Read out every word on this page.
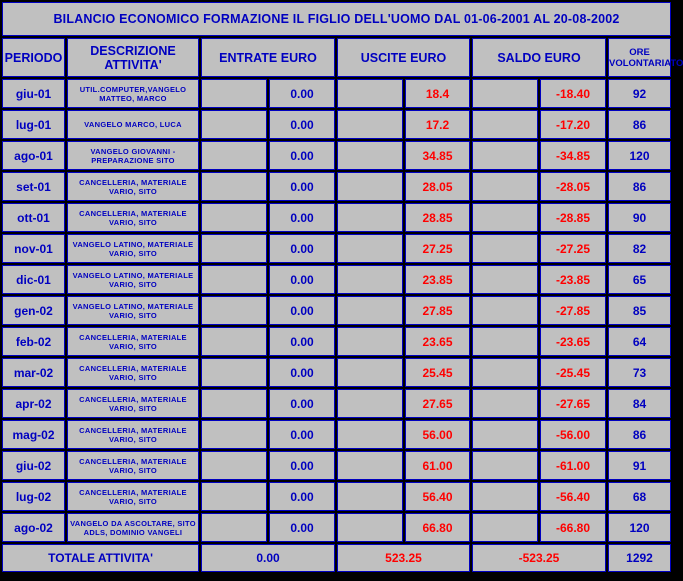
BILANCIO ECONOMICO FORMAZIONE IL FIGLIO DELL'UOMO DAL 01-06-2001 AL 20-08-2002								
PERIODO	DESCRIZIONE ATTIVITA'	ENTRATE EURO		USCITE EURO		SALDO EURO		ORE VOLONTARIATO
giu-01	UTIL.COMPUTER,VANGELO MATTEO, MARCO		0.00		18.4		-18.40	92
lug-01	VANGELO MARCO, LUCA		0.00		17.2		-17.20	86
ago-01	VANGELO GIOVANNI - PREPARAZIONE SITO		0.00		34.85		-34.85	120
set-01	CANCELLERIA, MATERIALE VARIO, SITO		0.00		28.05		-28.05	86
ott-01	CANCELLERIA, MATERIALE VARIO, SITO		0.00		28.85		-28.85	90
nov-01	VANGELO LATINO, MATERIALE VARIO, SITO		0.00		27.25		-27.25	82
dic-01	VANGELO LATINO, MATERIALE VARIO, SITO		0.00		23.85		-23.85	65
gen-02	VANGELO LATINO, MATERIALE VARIO, SITO		0.00		27.85		-27.85	85
feb-02	CANCELLERIA, MATERIALE VARIO, SITO		0.00		23.65		-23.65	64
mar-02	CANCELLERIA, MATERIALE VARIO, SITO		0.00		25.45		-25.45	73
apr-02	CANCELLERIA, MATERIALE VARIO, SITO		0.00		27.65		-27.65	84
mag-02	CANCELLERIA, MATERIALE VARIO, SITO		0.00		56.00		-56.00	86
giu-02	CANCELLERIA, MATERIALE VARIO, SITO		0.00		61.00		-61.00	91
lug-02	CANCELLERIA, MATERIALE VARIO, SITO		0.00		56.40		-56.40	68
ago-02	VANGELO DA ASCOLTARE, SITO ADLS, DOMINIO VANGELI		0.00		66.80		-66.80	120
TOTALE ATTIVITA'		0.00		523.25		-523.25		1292
